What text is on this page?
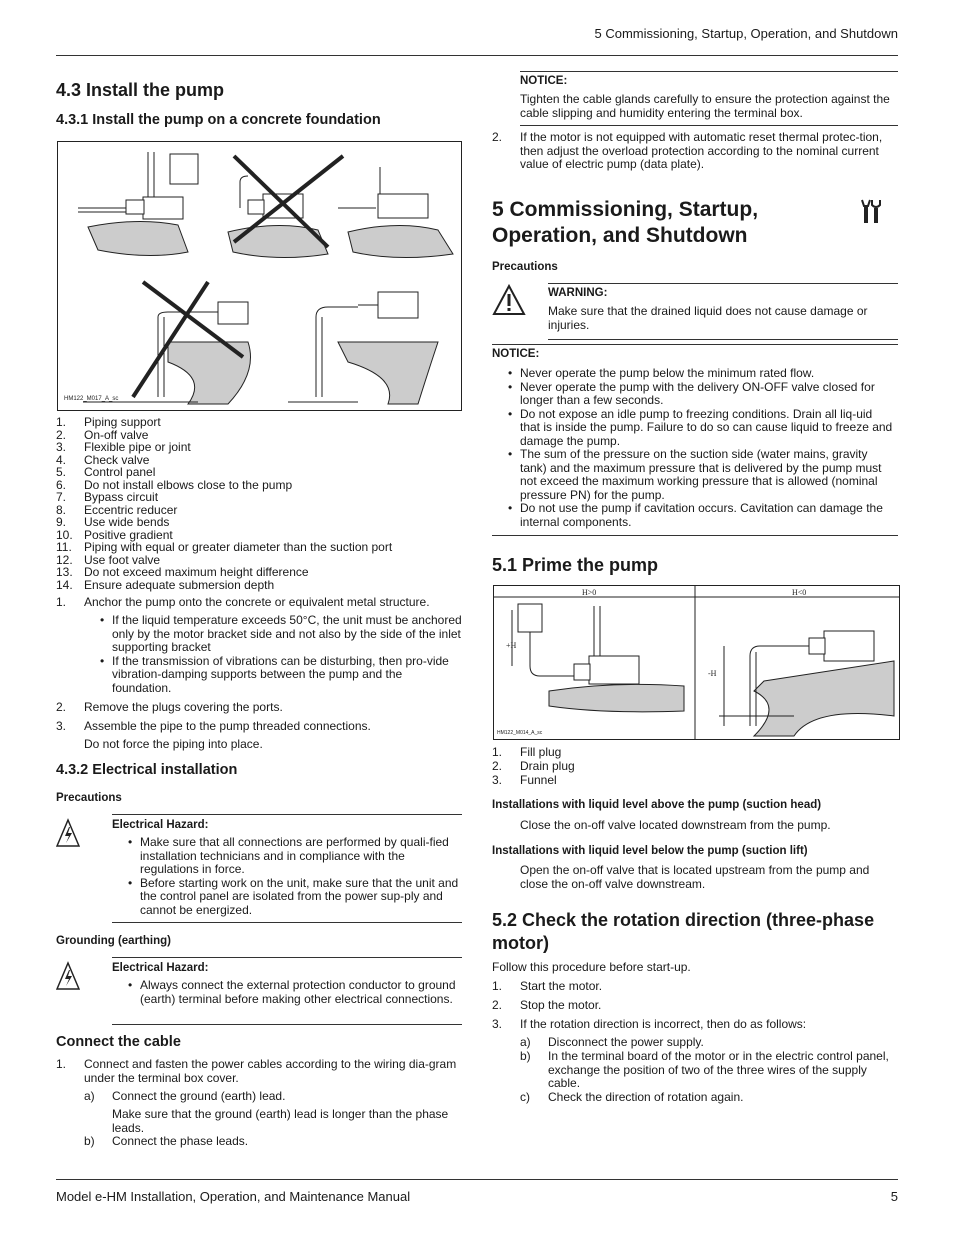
5 Commissioning, Startup, Operation, and Shutdown
4.3 Install the pump
4.3.1 Install the pump on a concrete foundation
HM122_M017_A_sc
1.	Piping support
2.	On-off valve
3.	Flexible pipe or joint
4.	Check valve
5.	Control panel
6.	Do not install elbows close to the pump
7.	Bypass circuit
8.	Eccentric reducer
9.	Use wide bends
10. Positive gradient
11.	Piping with equal or greater diameter than the suction port
12. Use foot valve
13. Do not exceed maximum height difference
14. Ensure adequate submersion depth
1.	Anchor the pump onto the concrete or equivalent metal structure.
• If the liquid temperature exceeds 50°C, the unit must be anchored only by the motor bracket side and not also by the side of the inlet supporting bracket
• If the transmission of vibrations can be disturbing, then pro-vide vibration-damping supports between the pump and the foundation.
2.	Remove the plugs covering the ports.
3.	Assemble the pipe to the pump threaded connections.
Do not force the piping into place.
4.3.2 Electrical installation
Precautions
Electrical Hazard:
• Make sure that all connections are performed by quali-fied installation technicians and in compliance with the regulations in force.
• Before starting work on the unit, make sure that the unit and the control panel are isolated from the power sup-ply and cannot be energized.
Grounding (earthing)
Electrical Hazard:
• Always connect the external protection conductor to ground (earth) terminal before making other electrical connections.
Connect the cable
1.	Connect and fasten the power cables according to the wiring dia-gram under the terminal box cover.
a)	Connect the ground (earth) lead.
Make sure that the ground (earth) lead is longer than the phase leads.
b)	Connect the phase leads.
NOTICE:
Tighten the cable glands carefully to ensure the protection against the cable slipping and humidity entering the terminal box.
2.	If the motor is not equipped with automatic reset thermal protec-tion, then adjust the overload protection according to the nominal current value of electric pump (data plate).
5 Commissioning, Startup, Operation, and Shutdown
Precautions
WARNING:
Make sure that the drained liquid does not cause damage or injuries.
NOTICE:
• Never operate the pump below the minimum rated flow.
• Never operate the pump with the delivery ON-OFF valve closed for longer than a few seconds.
• Do not expose an idle pump to freezing conditions. Drain all liq-uid that is inside the pump. Failure to do so can cause liquid to freeze and damage the pump.
• The sum of the pressure on the suction side (water mains, gravity tank) and the maximum pressure that is delivered by the pump must not exceed the maximum working pressure that is allowed (nominal pressure PN) for the pump.
• Do not use the pump if cavitation occurs. Cavitation can damage the internal components.
5.1 Prime the pump
H>0	H<0
+H
-H
HM122_M014_A_sc
1.	Fill plug
2.	Drain plug
3.	Funnel
Installations with liquid level above the pump (suction head)
Close the on-off valve located downstream from the pump.
Installations with liquid level below the pump (suction lift)
Open the on-off valve that is located upstream from the pump and close the on-off valve downstream.
5.2 Check the rotation direction (three-phase motor)
Follow this procedure before start-up.
1.	Start the motor.
2.	Stop the motor.
3.	If the rotation direction is incorrect, then do as follows:
a)	Disconnect the power supply.
b)	In the terminal board of the motor or in the electric control panel, exchange the position of two of the three wires of the supply cable.
c)	Check the direction of rotation again.
Model e-HM Installation, Operation, and Maintenance Manual	5
